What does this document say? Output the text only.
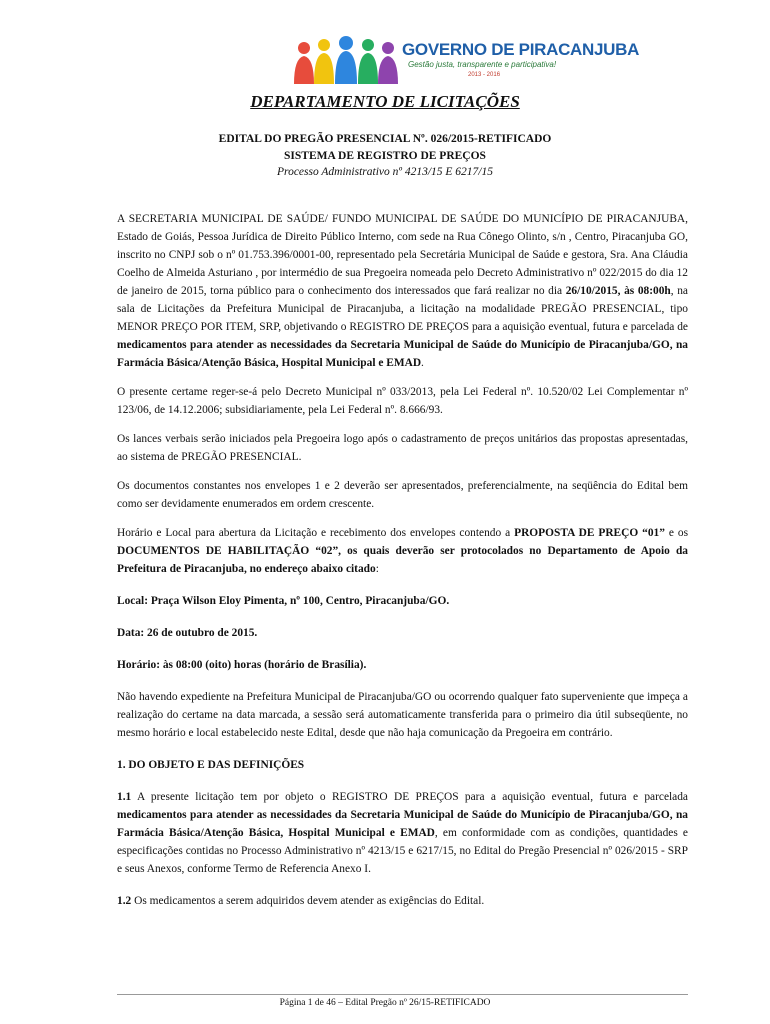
GOVERNO DE PIRACANJUBA
Gestão justa, transparente e participativa!
2013 - 2016
DEPARTAMENTO DE LICITAÇÕES
EDITAL DO PREGÃO PRESENCIAL Nº. 026/2015-RETIFICADO
SISTEMA DE REGISTRO DE PREÇOS
Processo Administrativo nº 4213/15 E 6217/15

A SECRETARIA MUNICIPAL DE SAÚDE/ FUNDO MUNICIPAL DE SAÚDE DO MUNICÍPIO DE PIRACANJUBA, Estado de Goiás, Pessoa Jurídica de Direito Público Interno, com sede na Rua Cônego Olinto, s/n , Centro, Piracanjuba GO, inscrito no CNPJ sob o nº 01.753.396/0001-00, representado pela Secretária Municipal de Saúde e gestora, Sra. Ana Cláudia Coelho de Almeida Asturiano , por intermédio de sua Pregoeira nomeada pelo Decreto Administrativo nº 022/2015 do dia 12 de janeiro de 2015, torna público para o conhecimento dos interessados que fará realizar no dia 26/10/2015, às 08:00h, na sala de Licitações da Prefeitura Municipal de Piracanjuba, a licitação na modalidade PREGÃO PRESENCIAL, tipo MENOR PREÇO POR ITEM, SRP, objetivando o REGISTRO DE PREÇOS para a aquisição eventual, futura e parcelada de medicamentos para atender as necessidades da Secretaria Municipal de Saúde do Município de Piracanjuba/GO, na Farmácia Básica/Atenção Básica, Hospital Municipal e EMAD.

O presente certame reger-se-á pelo Decreto Municipal nº 033/2013, pela Lei Federal nº. 10.520/02 Lei Complementar nº 123/06, de 14.12.2006; subsidiariamente, pela Lei Federal nº. 8.666/93.

Os lances verbais serão iniciados pela Pregoeira logo após o cadastramento de preços unitários das propostas apresentadas, ao sistema de PREGÃO PRESENCIAL.

Os documentos constantes nos envelopes 1 e 2 deverão ser apresentados, preferencialmente, na seqüência do Edital bem como ser devidamente enumerados em ordem crescente.

Horário e Local para abertura da Licitação e recebimento dos envelopes contendo a PROPOSTA DE PREÇO “01” e os DOCUMENTOS DE HABILITAÇÃO “02”, os quais deverão ser protocolados no Departamento de Apoio da Prefeitura de Piracanjuba, no endereço abaixo citado:

Local: Praça Wilson Eloy Pimenta, nº 100, Centro, Piracanjuba/GO.

Data: 26 de outubro de 2015.

Horário: às 08:00 (oito) horas (horário de Brasília).

Não havendo expediente na Prefeitura Municipal de Piracanjuba/GO ou ocorrendo qualquer fato superveniente que impeça a realização do certame na data marcada, a sessão será automaticamente transferida para o primeiro dia útil subseqüente, no mesmo horário e local estabelecido neste Edital, desde que não haja comunicação da Pregoeira em contrário.

1. DO OBJETO E DAS DEFINIÇÕES

1.1 A presente licitação tem por objeto o REGISTRO DE PREÇOS para a aquisição eventual, futura e parcelada medicamentos para atender as necessidades da Secretaria Municipal de Saúde do Município de Piracanjuba/GO, na Farmácia Básica/Atenção Básica, Hospital Municipal e EMAD, em conformidade com as condições, quantidades e especificações contidas no Processo Administrativo nº 4213/15 e 6217/15, no Edital do Pregão Presencial nº 026/2015 - SRP e seus Anexos, conforme Termo de Referencia Anexo I.

1.2 Os medicamentos a serem adquiridos devem atender as exigências do Edital.

Página 1 de 46 – Edital Pregão nº 26/15-RETIFICADO
